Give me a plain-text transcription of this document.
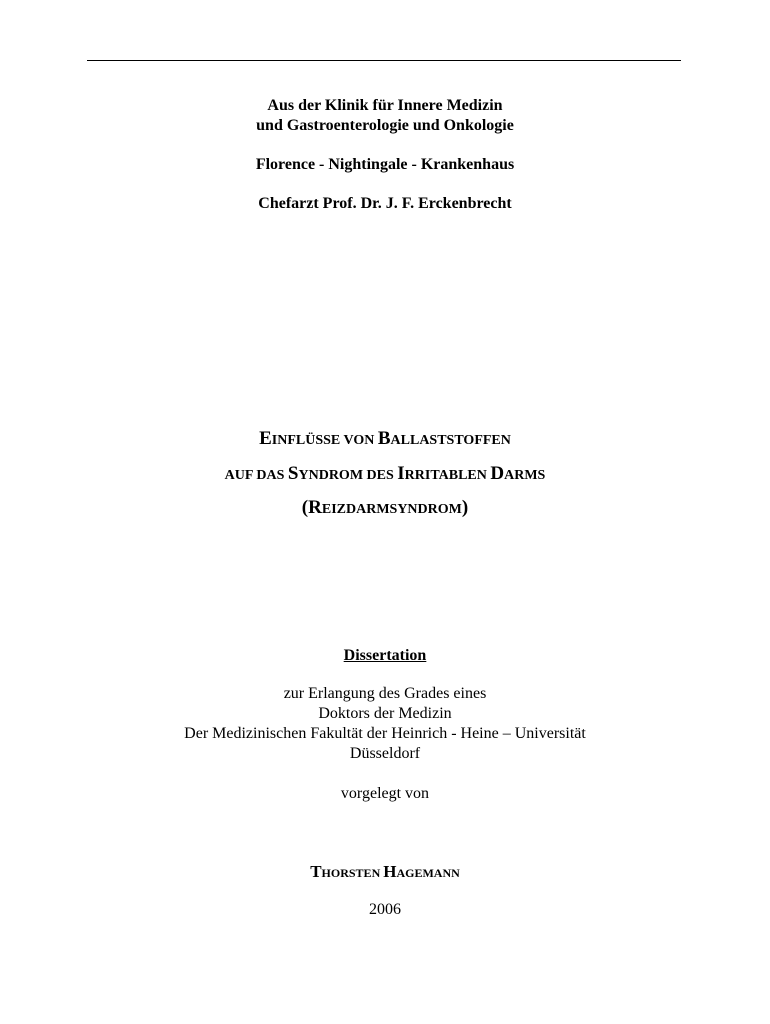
Aus der Klinik für Innere Medizin
und Gastroenterologie und Onkologie
Florence - Nightingale - Krankenhaus
Chefarzt Prof. Dr. J. F. Erckenbrecht
EINFLÜSSE VON BALLASTSTOFFEN
AUF DAS SYNDROM DES IRRITABLEN DARMS
(REIZDARMSYNDROM)
Dissertation
zur Erlangung des Grades eines
Doktors der Medizin
Der Medizinischen Fakultät der Heinrich - Heine – Universität
Düsseldorf
vorgelegt von
THORSTEN HAGEMANN
2006
